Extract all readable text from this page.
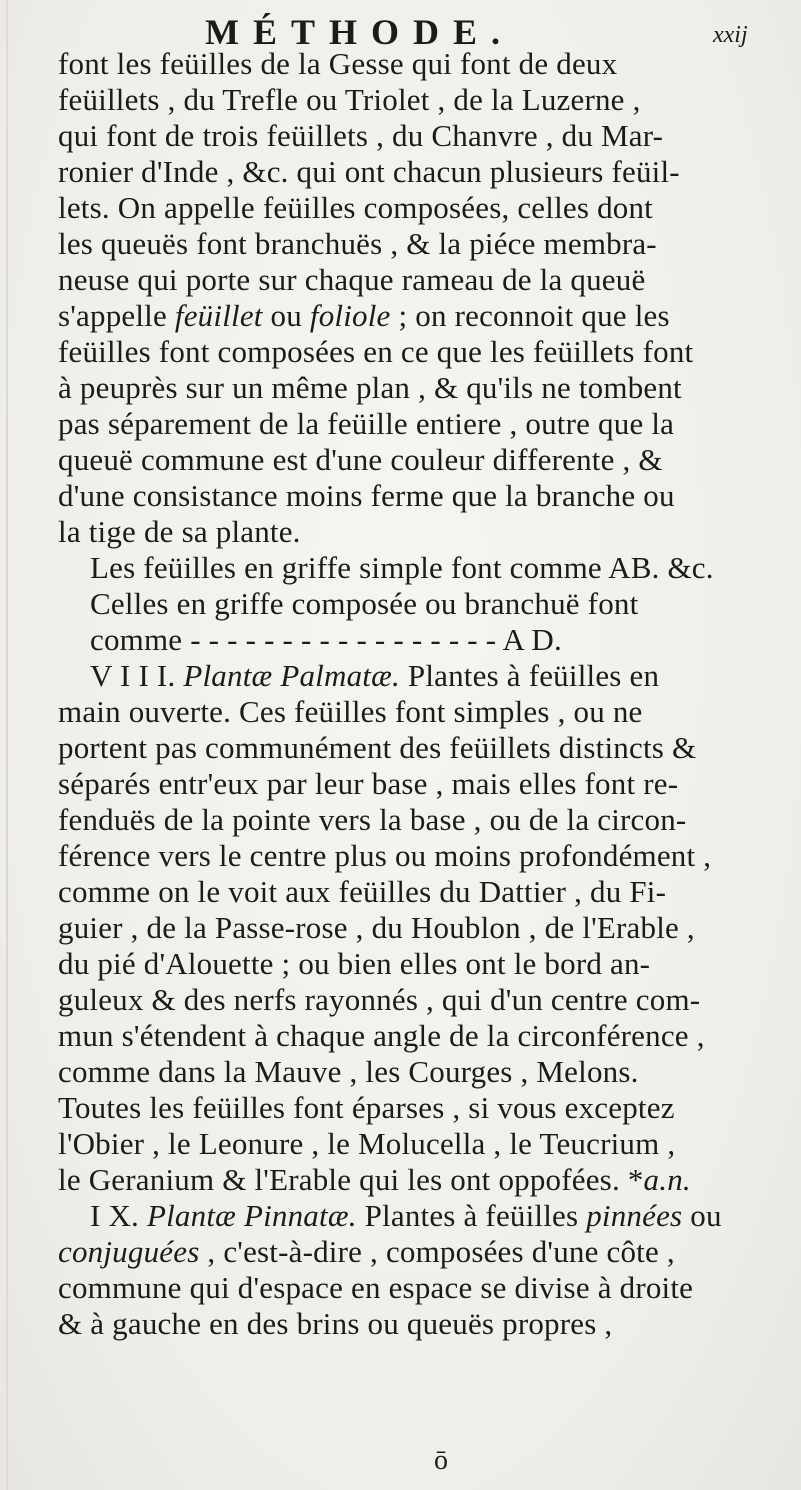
MÉTHODE.	xxij
font les feüilles de la Gesse qui font de deux
feüillets , du Trefle ou Triolet , de la Luzerne ,
qui font de trois feüillets , du Chanvre , du Mar-
ronier d'Inde , &c. qui ont chacun plusieurs feüil-
lets. On appelle feüilles composées, celles dont
les queuës font branchuës , & la piéce membra-
neuse qui porte sur chaque rameau de la queuë
s'appelle feüillet ou foliole ; on reconnoit que les
feüilles font composées en ce que les feüillets font
à peuprès sur un même plan , & qu'ils ne tombent
pas séparement de la feüille entiere , outre que la
queuë commune est d'une couleur differente , &
d'une consistance moins ferme que la branche ou
la tige de sa plante.
Les feüilles en griffe simple font comme AB. &c.
Celles en griffe composée ou branchuë font
comme - - - - - - - - - - - - - - - - - A D.
V I I I. Plantæ Palmatæ. Plantes à feüilles en
main ouverte. Ces feüilles font simples , ou ne
portent pas communément des feüillets distincts &
séparés entr'eux par leur base , mais elles font re-
fenduës de la pointe vers la base , ou de la circon-
férence vers le centre plus ou moins profondément ,
comme on le voit aux feüilles du Dattier , du Fi-
guier , de la Passe-rose , du Houblon , de l'Erable ,
du pié d'Alouette ; ou bien elles ont le bord an-
guleux & des nerfs rayonnés , qui d'un centre com-
mun s'étendent à chaque angle de la circonférence ,
comme dans la Mauve , les Courges , Melons.
Toutes les feüilles font éparses , si vous exceptez
l'Obier , le Leonure , le Molucella , le Teucrium ,
le Geranium & l'Erable qui les ont oppofées. *a.n.
I X. Plantæ Pinnatæ. Plantes à feüilles pinnées ou
conjuguées , c'est-à-dire , composées d'une côte ,
commune qui d'espace en espace se divise à droite
& à gauche en des brins ou queuës propres ,
ō
